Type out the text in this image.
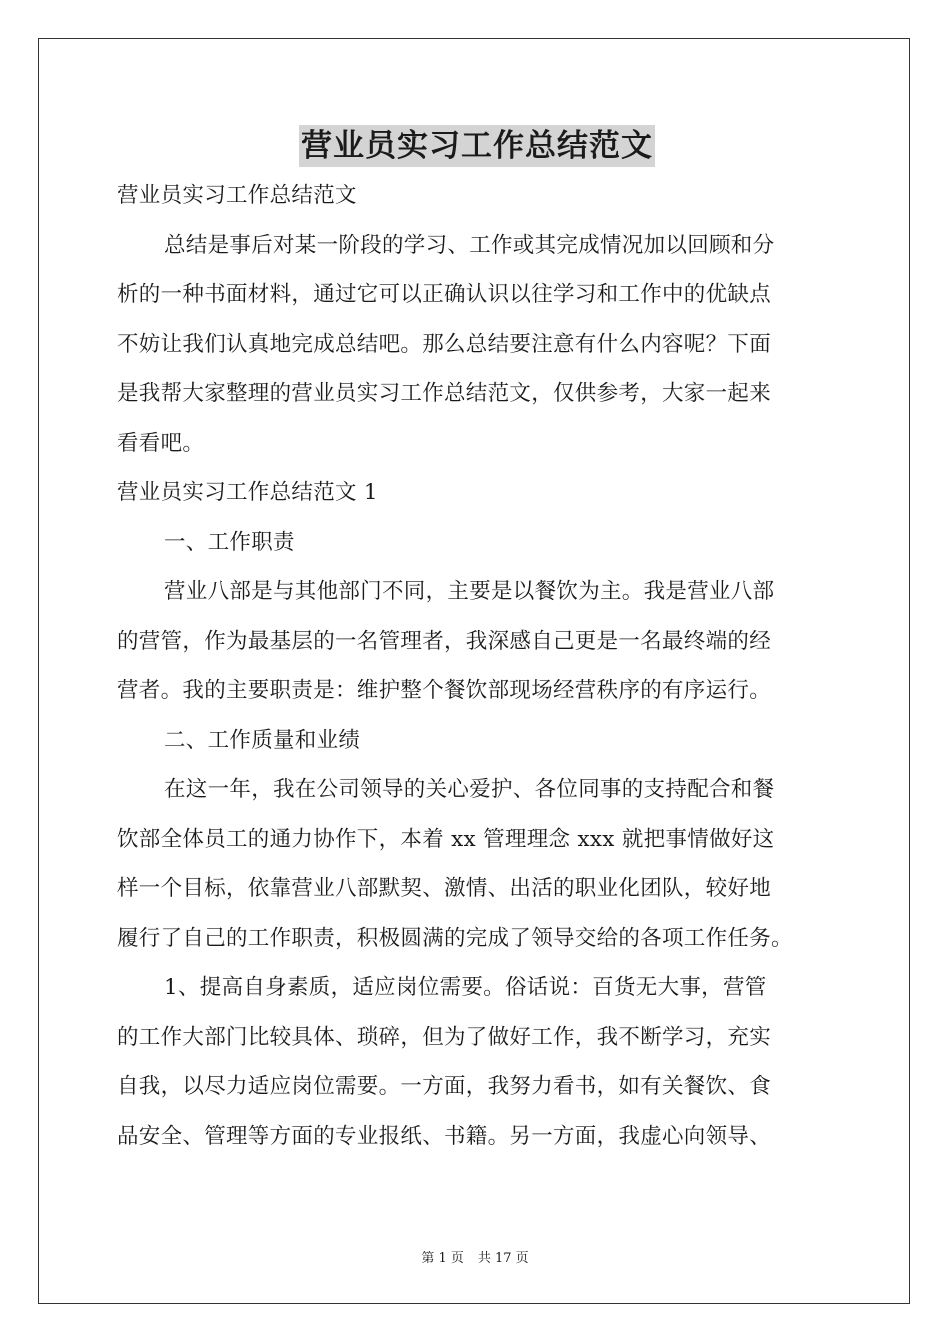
营业员实习工作总结范文
营业员实习工作总结范文
总结是事后对某一阶段的学习、工作或其完成情况加以回顾和分
析的一种书面材料，通过它可以正确认识以往学习和工作中的优缺点
不妨让我们认真地完成总结吧。那么总结要注意有什么内容呢？下面
是我帮大家整理的营业员实习工作总结范文，仅供参考，大家一起来
看看吧。
营业员实习工作总结范文 1
一、工作职责
营业八部是与其他部门不同，主要是以餐饮为主。我是营业八部
的营管，作为最基层的一名管理者，我深感自己更是一名最终端的经
营者。我的主要职责是：维护整个餐饮部现场经营秩序的有序运行。
二、工作质量和业绩
在这一年，我在公司领导的关心爱护、各位同事的支持配合和餐
饮部全体员工的通力协作下，本着 xx 管理理念 xxx 就把事情做好这
样一个目标，依靠营业八部默契、激情、出活的职业化团队，较好地
履行了自己的工作职责，积极圆满的完成了领导交给的各项工作任务。
1、提高自身素质，适应岗位需要。俗话说：百货无大事，营管
的工作大部门比较具体、琐碎，但为了做好工作，我不断学习，充实
自我，以尽力适应岗位需要。一方面，我努力看书，如有关餐饮、食
品安全、管理等方面的专业报纸、书籍。另一方面，我虚心向领导、
第 1 页 共 17 页
